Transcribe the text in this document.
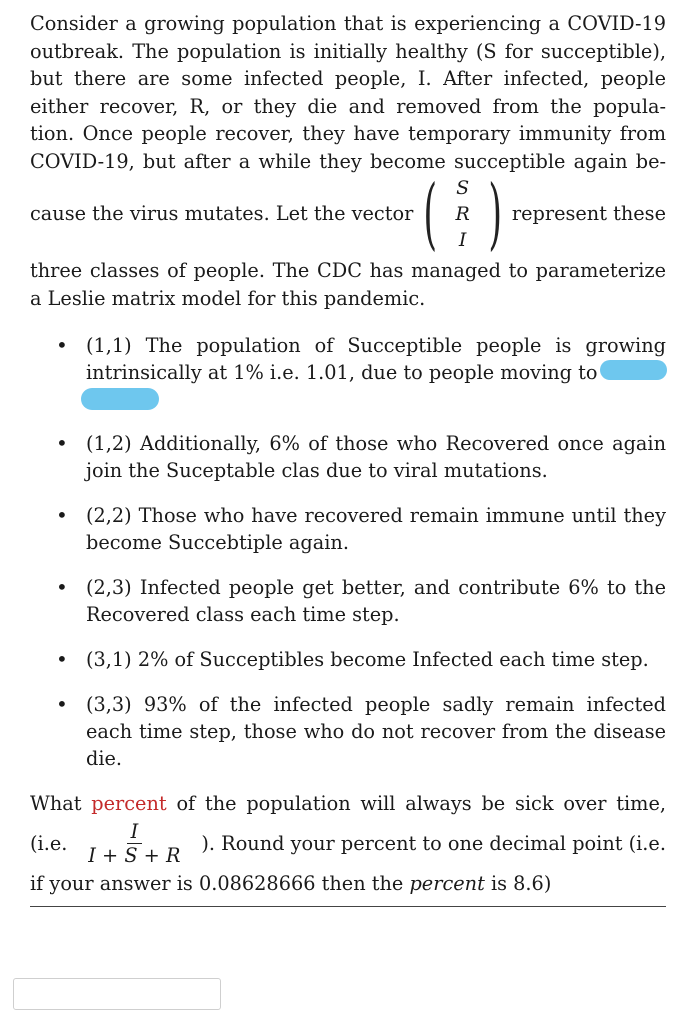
Consider a growing population that is experiencing a COVID-19
outbreak. The population is initially healthy (S for succeptible),
but there are some infected people, I. After infected, people
either recover, R, or they die and removed from the popula-
tion. Once people recover, they have temporary immunity from
COVID-19, but after a while they become succeptible again be-
cause the virus mutates. Let the vector ( S
R
I ) represent these
three classes of people. The CDC has managed to parameterize
a Leslie matrix model for this pandemic.
• (1,1) The population of Succeptible people is growing intrinsically at 1% i.e. 1.01, due to people moving to
• (1,2) Additionally, 6% of those who Recovered once again join the Suceptable clas due to viral mutations.
• (2,2) Those who have recovered remain immune until they become Succebtiple again.
• (2,3) Infected people get better, and contribute 6% to the Recovered class each time step.
• (3,1) 2% of Succeptibles become Infected each time step.
• (3,3) 93% of the infected people sadly remain infected each time step, those who do not recover from the disease die.
What percent of the population will always be sick over time,
(i.e. $\frac{I}{I + S + R}$ ). Round your percent to one decimal point (i.e.
if your answer is 0.08628666 then the percent is 8.6)
